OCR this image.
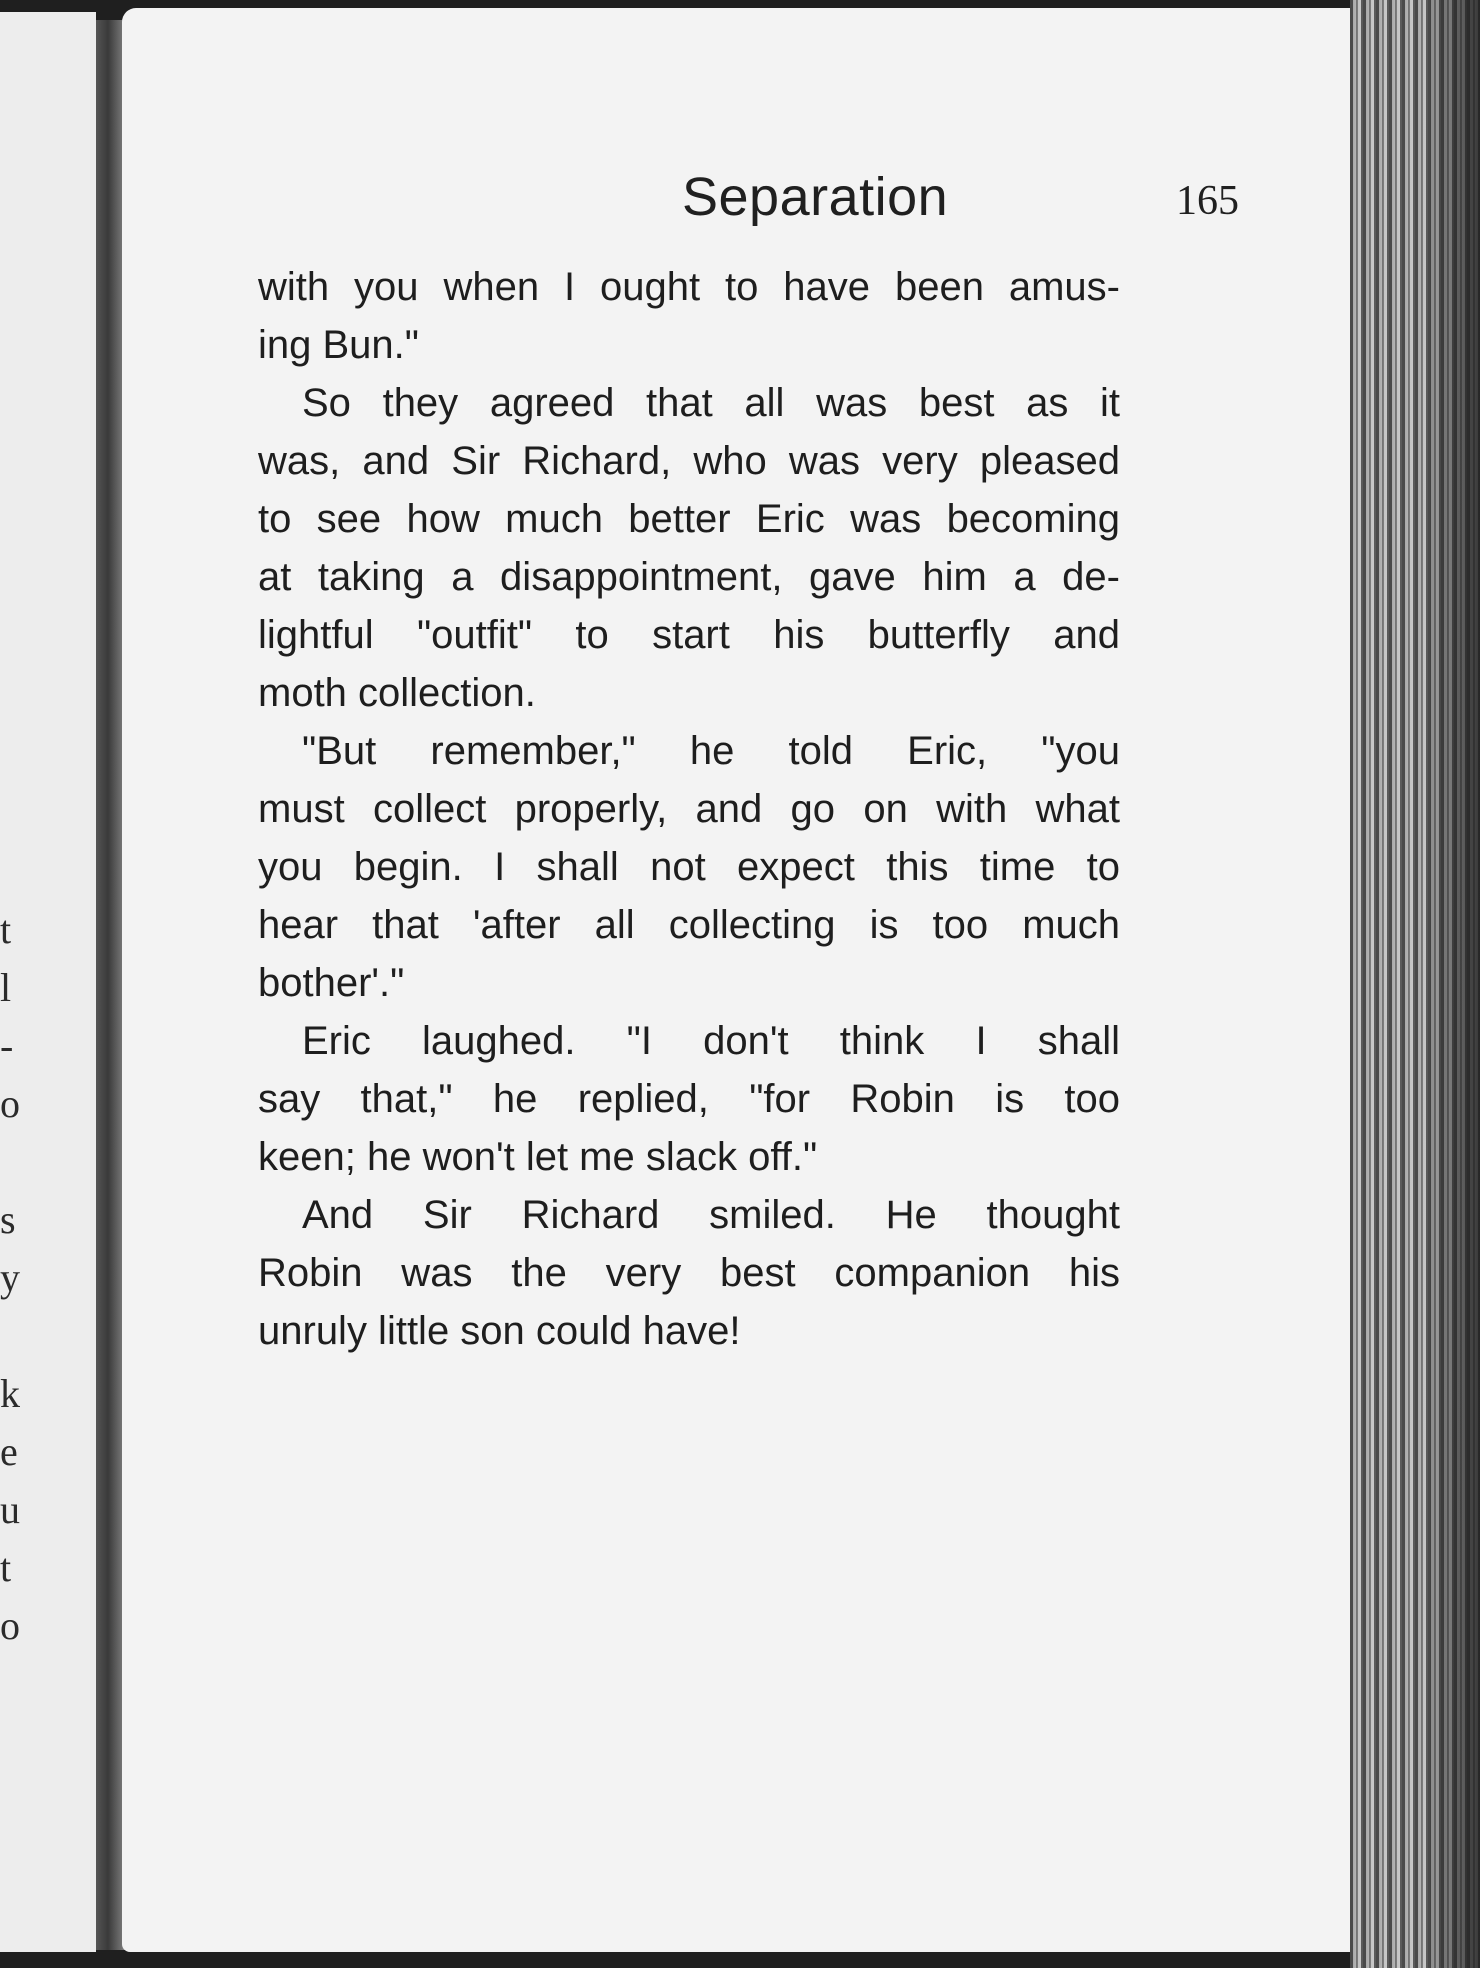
t
l
-
o
s
y
k
e
u
t
o
Separation	165
with you when I ought to have been amus-
ing Bun."
So they agreed that all was best as it
was, and Sir Richard, who was very pleased
to see how much better Eric was becoming
at taking a disappointment, gave him a de-
lightful "outfit" to start his butterfly and
moth collection.
"But remember," he told Eric, "you
must collect properly, and go on with what
you begin. I shall not expect this time to
hear that 'after all collecting is too much
bother'."
Eric laughed. "I don't think I shall
say that," he replied, "for Robin is too
keen; he won't let me slack off."
And Sir Richard smiled. He thought
Robin was the very best companion his
unruly little son could have!
